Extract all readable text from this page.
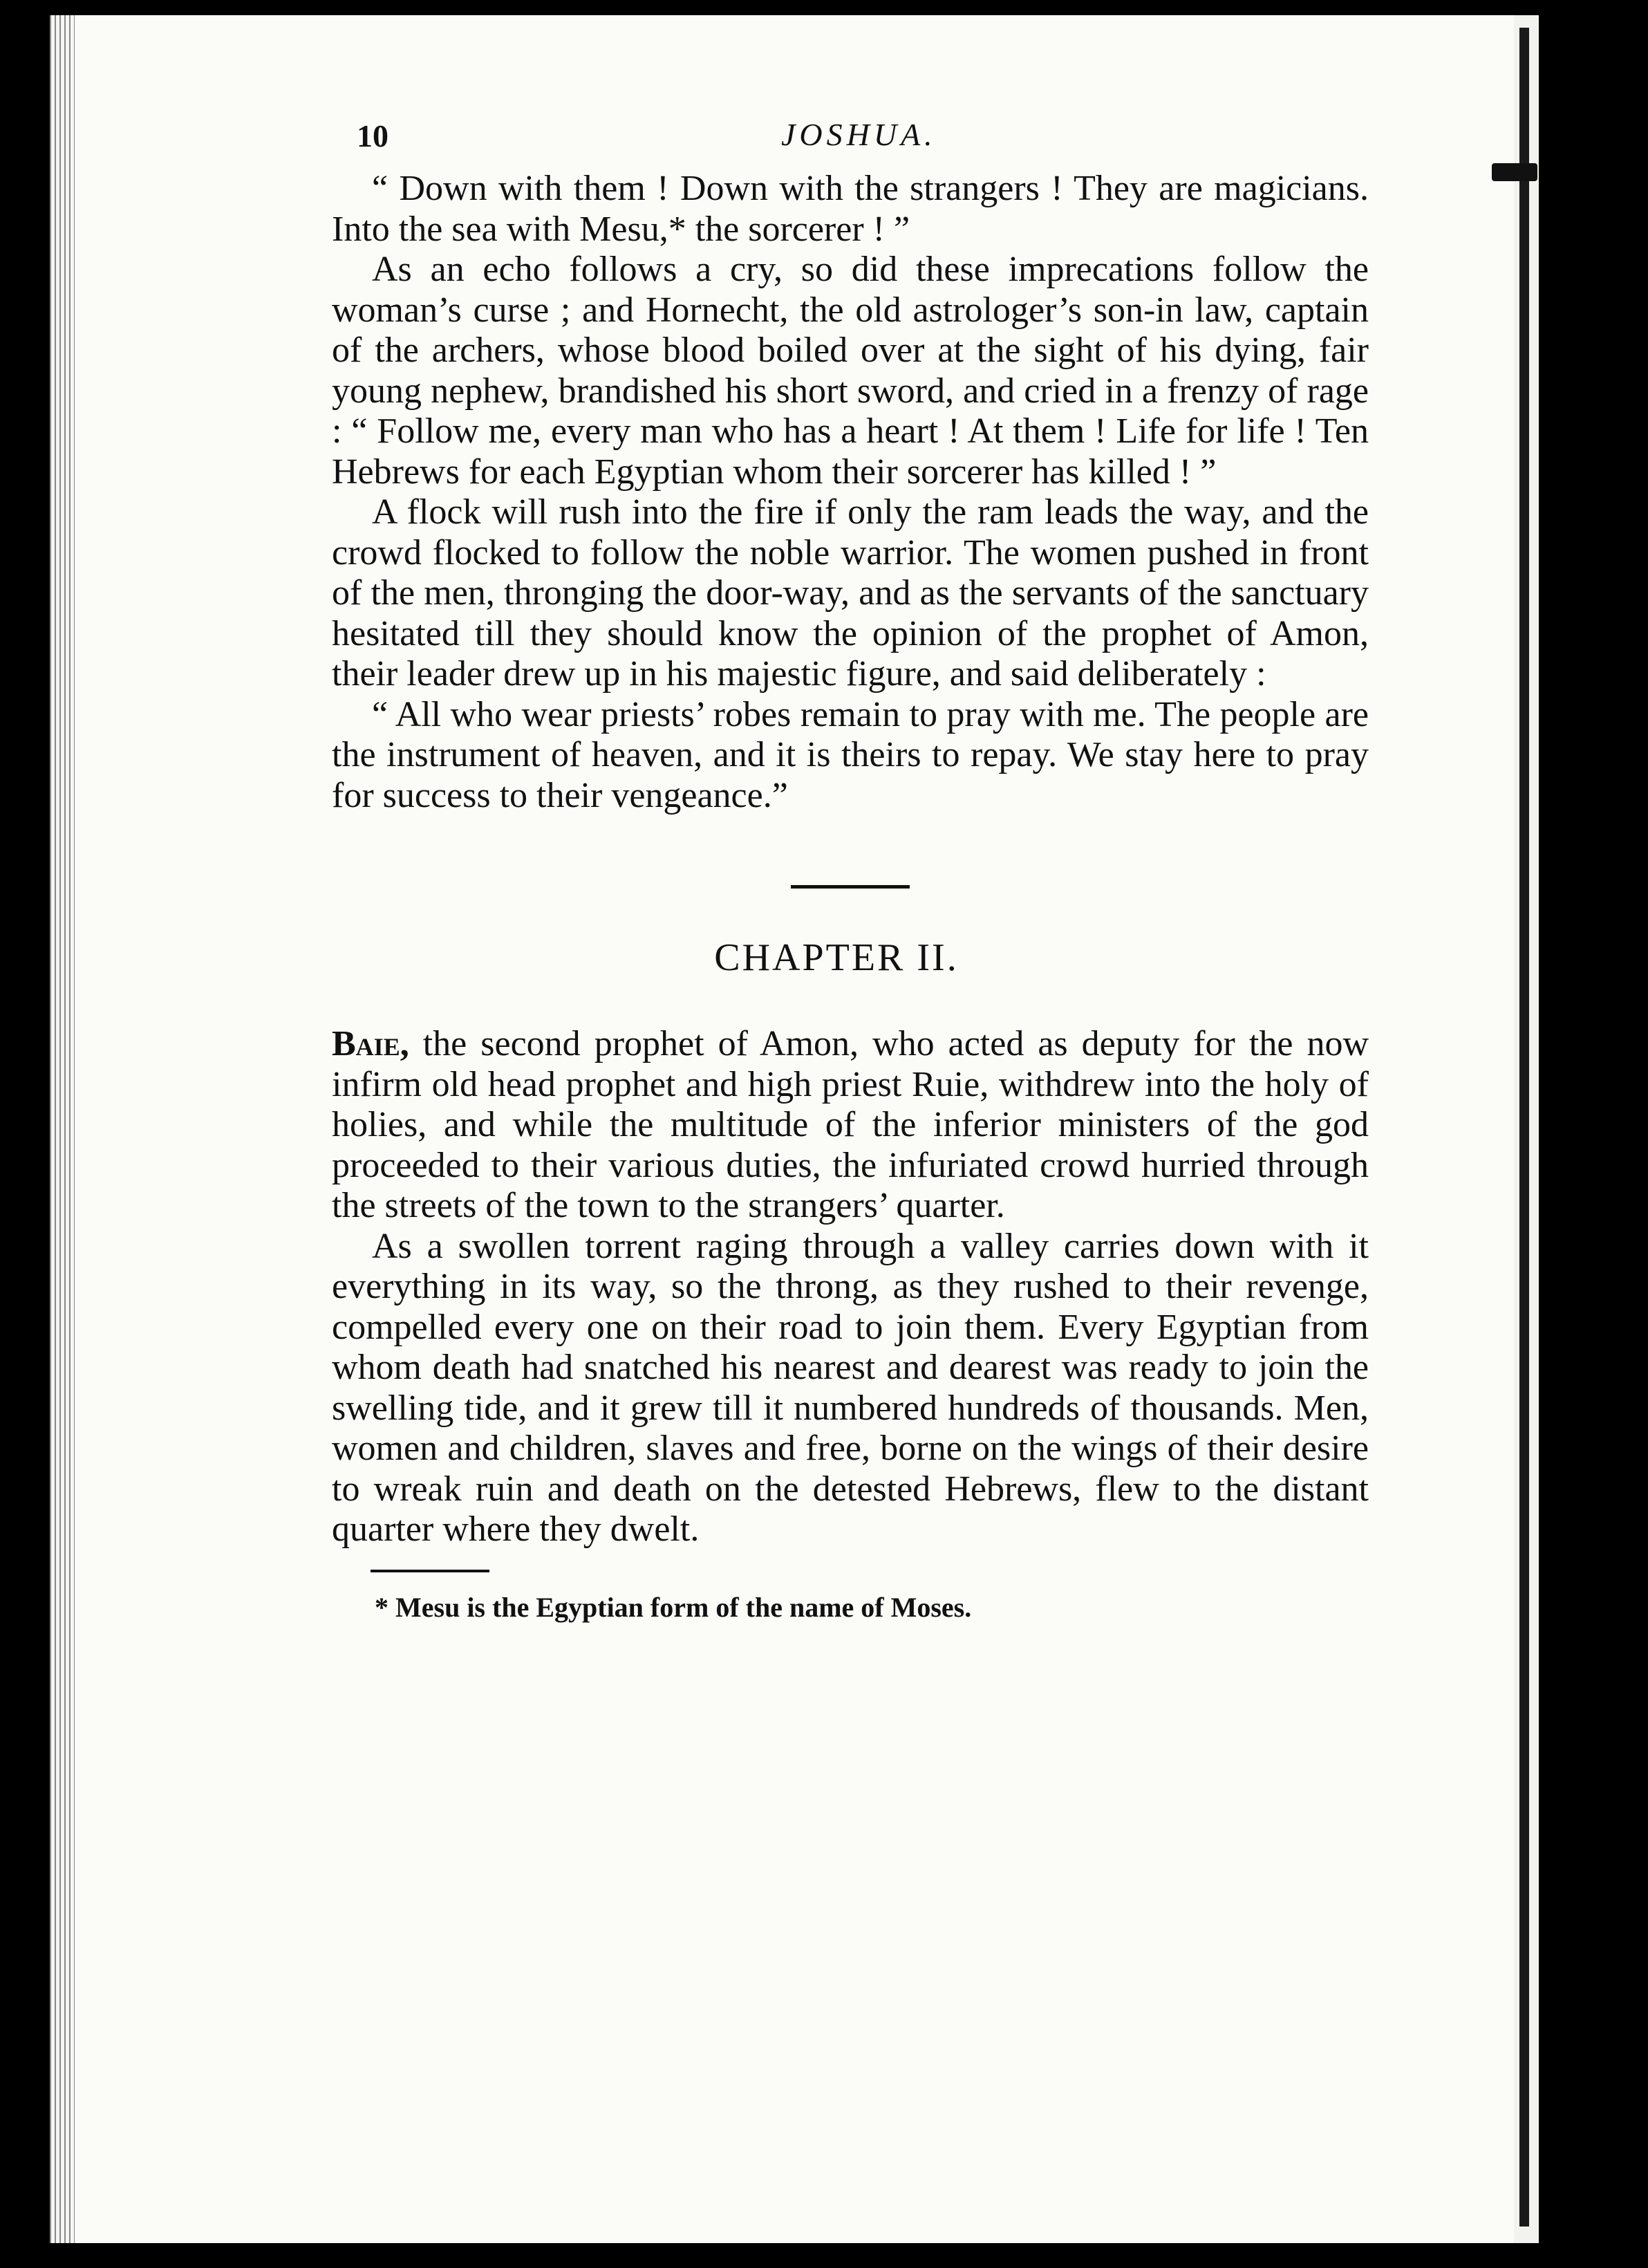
10	JOSHUA.

“ Down with them ! Down with the strangers ! They are magicians. Into the sea with Mesu,* the sorcerer ! ”

As an echo follows a cry, so did these imprecations follow the woman’s curse ; and Hornecht, the old astrologer’s son-in law, captain of the archers, whose blood boiled over at the sight of his dying, fair young nephew, brandished his short sword, and cried in a frenzy of rage : “ Follow me, every man who has a heart ! At them ! Life for life ! Ten Hebrews for each Egyptian whom their sorcerer has killed ! ”

A flock will rush into the fire if only the ram leads the way, and the crowd flocked to follow the noble warrior. The women pushed in front of the men, thronging the door-way, and as the servants of the sanctuary hesitated till they should know the opinion of the prophet of Amon, their leader drew up in his majestic figure, and said deliberately :

“ All who wear priests’ robes remain to pray with me. The people are the instrument of heaven, and it is theirs to repay. We stay here to pray for success to their vengeance.”

CHAPTER II.

Baie, the second prophet of Amon, who acted as deputy for the now infirm old head prophet and high priest Ruie, withdrew into the holy of holies, and while the multitude of the inferior ministers of the god proceeded to their various duties, the infuriated crowd hurried through the streets of the town to the strangers’ quarter.

As a swollen torrent raging through a valley carries down with it everything in its way, so the throng, as they rushed to their revenge, compelled every one on their road to join them. Every Egyptian from whom death had snatched his nearest and dearest was ready to join the swelling tide, and it grew till it numbered hundreds of thousands. Men, women and children, slaves and free, borne on the wings of their desire to wreak ruin and death on the detested Hebrews, flew to the distant quarter where they dwelt.

* Mesu is the Egyptian form of the name of Moses.
